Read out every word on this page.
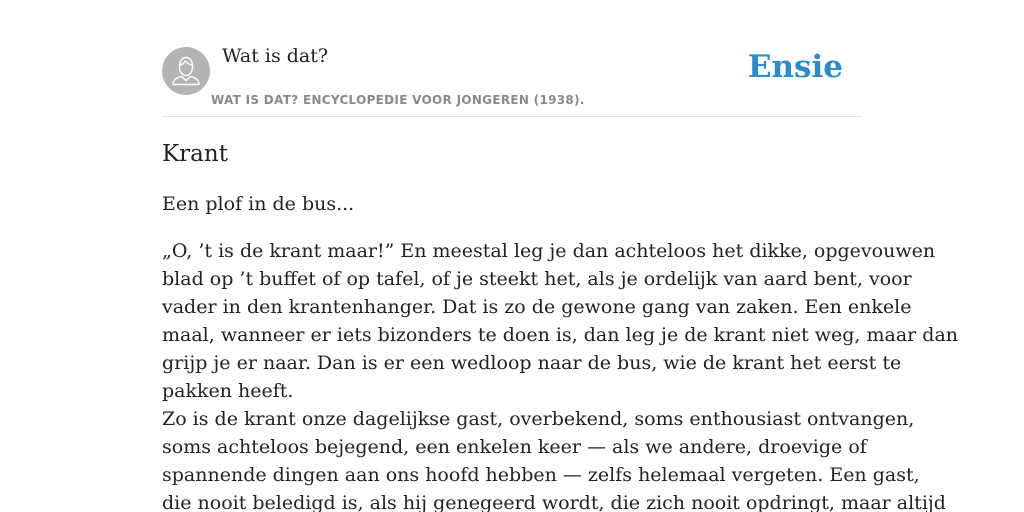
Wat is dat?
WAT IS DAT? ENCYCLOPEDIE VOOR JONGEREN (1938).
Ensie
Krant

Een plof in de bus...

„O, ’t is de krant maar!” En meestal leg je dan achteloos het dikke, opgevouwen
blad op ’t buffet of op tafel, of je steekt het, als je ordelijk van aard bent, voor
vader in den krantenhanger. Dat is zo de gewone gang van zaken. Een enkele
maal, wanneer er iets bizonders te doen is, dan leg je de krant niet weg, maar dan
grijp je er naar. Dan is er een wedloop naar de bus, wie de krant het eerst te
pakken heeft.
Zo is de krant onze dagelijkse gast, overbekend, soms enthousiast ontvangen,
soms achteloos bejegend, een enkelen keer — als we andere, droevige of
spannende dingen aan ons hoofd hebben — zelfs helemaal vergeten. Een gast,
die nooit beledigd is, als hij genegeerd wordt, die zich nooit opdringt, maar altijd
